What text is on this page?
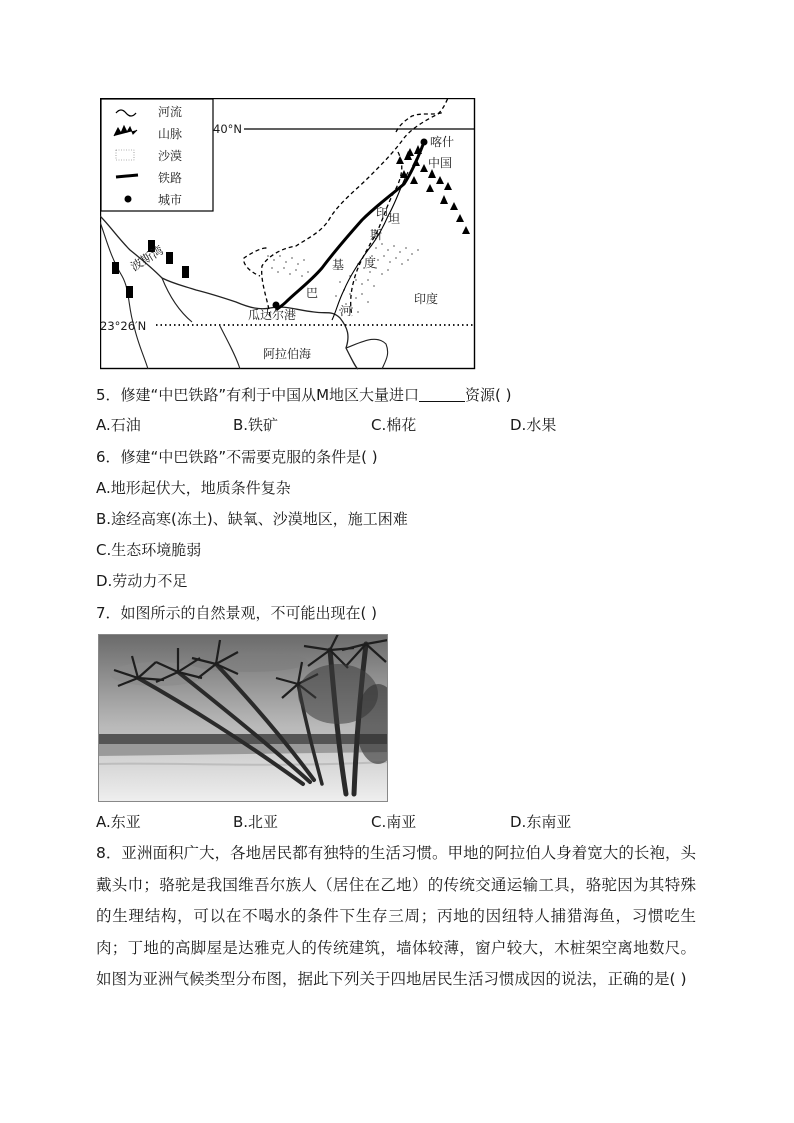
河流
山脉
沙漠
铁路
城市
40°N
喀什
中国
印度
波斯湾
瓜达尔港
23°26′N
阿拉伯海
巴
基
斯
坦
印
度
河
5．修建“中巴铁路”有利于中国从M地区大量进口	资源( )
A.石油	B.铁矿	C.棉花	D.水果
6．修建“中巴铁路”不需要克服的条件是( )
A.地形起伏大，地质条件复杂
B.途经高寒(冻土)、缺氧、沙漠地区，施工困难
C.生态环境脆弱
D.劳动力不足
7．如图所示的自然景观，不可能出现在( )
A.东亚	B.北亚	C.南亚	D.东南亚
8．亚洲面积广大，各地居民都有独特的生活习惯。甲地的阿拉伯人身着宽大的长袍，头戴头巾；骆驼是我国维吾尔族人（居住在乙地）的传统交通运输工具，骆驼因为其特殊的生理结构，可以在不喝水的条件下生存三周；丙地的因纽特人捕猎海鱼，习惯吃生肉；丁地的高脚屋是达雅克人的传统建筑，墙体较薄，窗户较大，木桩架空离地数尺。如图为亚洲气候类型分布图，据此下列关于四地居民生活习惯成因的说法，正确的是( )
